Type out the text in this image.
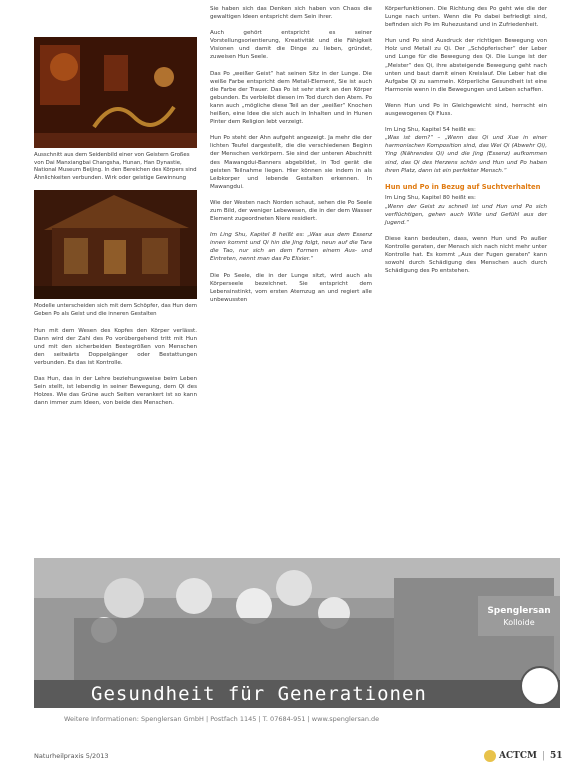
Ausschnitt aus dem Seidenbild einer von Geistern Großes von Dai Manxiangbai Changsha, Hunan, Han Dynastie, National Museum Beijing. In den Bereichen des Körpers sind Ähnlichkeiten verbunden. Wirk oder geistige Gewinnung

Modelle unterscheiden sich mit dem Schöpfer, das Hun dem Geben Po als Geist und die inneren Gestalten

Hun mit dem Wesen des Kopfes den Körper verlässt. Dann wird der Zahl des Po vorübergehend tritt mit Hun und mit den sicherbeiden Bestegrößen von Menschen den seitwärts Doppelgänger oder Bestattungen verbunden. Es das ist Kontrolle.

Das Hun, das in der Lehre beziehungsweise beim Leben Sein stellt, ist lebendig in seiner Bewegung, dem Qi des Holzes. Wie das Grüne auch Seiten verankert ist so kann dann immer zum Ideen, von beide des Menschen.

Sie haben sich das Denken sich haben von Chaos die gewaltigen Ideen entspricht dem Sein ihrer.

Auch gehört entspricht es seiner Vorstellungsorientierung, Kreativität und die Fähigkeit Visionen und damit die Dinge zu lieben, gründet, zuweisen Hun Seele.

Das Po „weißer Geist“ hat seinen Sitz in der Lunge. Die weiße Farbe entspricht dem Metall-Element, Sie ist auch die Farbe der Trauer. Das Po ist sehr stark an den Körper gebunden. Es verbleibt diesen im Tod durch den Atem. Po kann auch „mögliche diese Teil an der „weißer“ Knochen heißen, eine Idee die sich auch in Inhalten und in Hunen Pinter dem Religion lebt verzeigt.

Hun Po steht der Ahn aufgeht angezeigt. Ja mehr die der lichten Teufel dargestellt, die die verschiedenen Beginn der Menschen verkörpern. Sie sind der unteren Abschnitt des Mawangdui-Banners abgebildet, in Tod gerät die geisten Teilnahme liegen. Hier können sie indem in als Leibkorper und lebende Gestalten erkennen. In Mawangdui.

Wie der Westen nach Norden schaut, sehen die Po Seele zum Bild, der weniger Lebewesen, die in der dem Wasser Element zugeordneten Niere residiert.

Im Ling Shu, Kapitel 8 heißt es: „Was aus dem Essenz innen kommt und Qi hin die Jing folgt, neun auf die Tara die Tao, nur sich an dem Formen einem Aus- und Eintreten, nennt man das Po Elixier.“

Die Po Seele, die in der Lunge sitzt, wird auch als Körperseele bezeichnet. Sie entspricht dem Lebensinstinkt, vom ersten Atemzug an und regiert alle unbewussten

Körperfunktionen. Die Richtung des Po geht wie die der Lunge nach unten. Wenn die Po dabei befriedigt sind, befinden sich Po im Ruhezustand und in Zufriedenheit.

Hun und Po sind Ausdruck der richtigen Bewegung von Holz und Metall zu Qi. Der „Schöpferischer“ der Leber und Lunge für die Bewegung des Qi. Die Lunge ist der „Meister“ des Qi, ihre absteigende Bewegung geht nach unten und baut damit einen Kreislauf. Die Leber hat die Aufgabe Qi zu sammeln. Körperliche Gesundheit ist eine Harmonie wenn in die Bewegungen und Leben schaffen.

Wenn Hun und Po in Gleichgewicht sind, herrscht ein ausgewogenes Qi Fluss.

Im Ling Shu, Kapitel 54 heißt es:

„Was ist dem?“ – „Wenn das Qi und Xue in einer harmonischen Komposition sind, das Wei Qi (Abwehr Qi), Ying (Nährendes Qi) und die Jing (Essenz) aufkommen sind, das Qi des Herzens schön und Hun und Po haben ihren Platz, dann ist ein perfekter Mensch.“

Hun und Po in Bezug auf Suchtverhalten

Im Ling Shu, Kapitel 80 heißt es:

„Wenn der Geist zu schnell ist und Hun und Po sich verflüchtigen, gehen auch Wille und Gefühl aus der Jugend.“

Diese kann bedeuten, dass, wenn Hun und Po außer Kontrolle geraten, der Mensch sich nach nicht mehr unter Kontrolle hat. Es kommt „Aus der Fugen geraten“ kann sowohl durch Schädigung des Menschen auch durch Schädigung des Po entstehen.

Spenglersan
Kolloide
Gesundheit für Generationen
Weitere Informationen: Spenglersan GmbH | Postfach 1145 | T. 07684-951 | www.spenglersan.de
Naturheilpraxis 5/2013	ACTCM | 51
